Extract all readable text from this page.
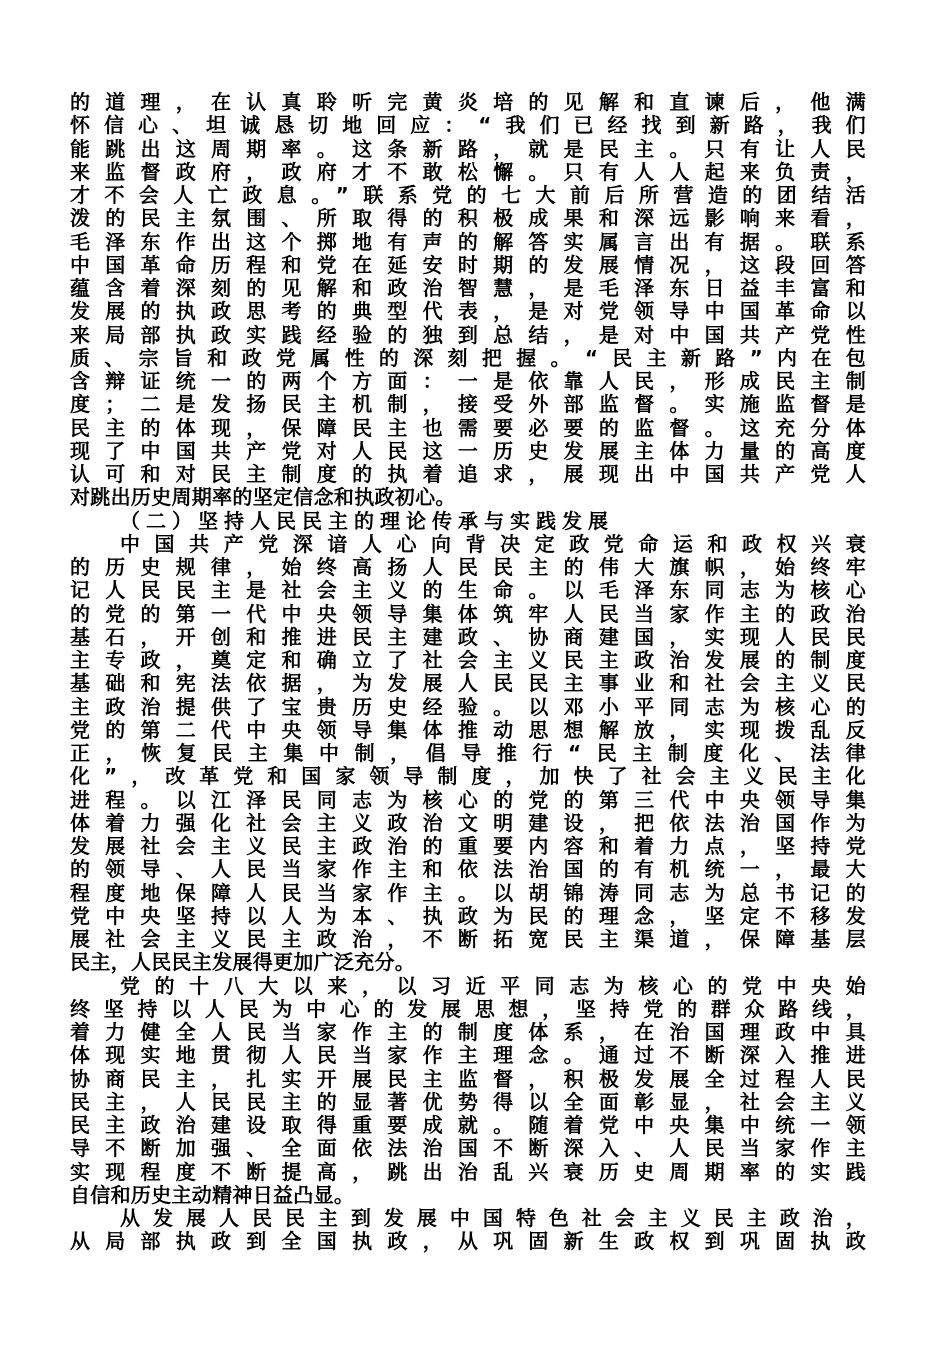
的道理，在认真聆听完黄炎培的见解和直谏后，他满
怀信心、坦诚恳切地回应：“我们已经找到新路，我们
能跳出这周期率。这条新路，就是民主。只有让人民
来监督政府，政府才不敢松懈。只有人人起来负责，
才不会人亡政息。”联系党的七大前后所营造的团结活
泼的民主氛围、所取得的积极成果和深远影响来看，
毛泽东作出这个掷地有声的解答实属言出有据。联系
中国革命历程和党在延安时期的发展情况，这段回答
蕴含着深刻的见解和政治智慧，是毛泽东日益丰富和
发展的执政思考的典型代表，是对党领导中国革命以
来局部执政实践经验的独到总结，是对中国共产党性
质、宗旨和政党属性的深刻把握。“民主新路”内在包
含辩证统一的两个方面：一是依靠人民，形成民主制
度；二是发扬民主机制，接受外部监督。实施监督是
民主的体现，保障民主也需要必要的监督。这充分体
现了中国共产党对人民这一历史发展主体力量的高度
认可和对民主制度的执着追求，展现出中国共产党人
对跳出历史周期率的坚定信念和执政初心。
（二）坚持人民民主的理论传承与实践发展
中国共产党深谙人心向背决定政党命运和政权兴衰
的历史规律，始终高扬人民民主的伟大旗帜，始终牢
记人民民主是社会主义的生命。以毛泽东同志为核心
的党的第一代中央领导集体筑牢人民当家作主的政治
基石，开创和推进民主建政、协商建国，实现人民民
主专政，奠定和确立了社会主义民主政治发展的制度
基础和宪法依据，为发展人民民主事业和社会主义民
主政治提供了宝贵历史经验。以邓小平同志为核心的
党的第二代中央领导集体推动思想解放，实现拨乱反
正，恢复民主集中制，倡导推行“民主制度化、法律
化”，改革党和国家领导制度，加快了社会主义民主化
进程。以江泽民同志为核心的党的第三代中央领导集
体着力强化社会主义政治文明建设，把依法治国作为
发展社会主义民主政治的重要内容和着力点，坚持党
的领导、人民当家作主和依法治国的有机统一，最大
程度地保障人民当家作主。以胡锦涛同志为总书记的
党中央坚持以人为本、执政为民的理念，坚定不移发
展社会主义民主政治，不断拓宽民主渠道，保障基层
民主，人民民主发展得更加广泛充分。
党的十八大以来，以习近平同志为核心的党中央始
终坚持以人民为中心的发展思想，坚持党的群众路线，
着力健全人民当家作主的制度体系，在治国理政中具
体现实地贯彻人民当家作主理念。通过不断深入推进
协商民主，扎实开展民主监督，积极发展全过程人民
民主，人民民主的显著优势得以全面彰显，社会主义
民主政治建设取得重要成就。随着党中央集中统一领
导不断加强、全面依法治国不断深入、人民当家作主
实现程度不断提高，跳出治乱兴衰历史周期率的实践
自信和历史主动精神日益凸显。
从发展人民民主到发展中国特色社会主义民主政治，
从局部执政到全国执政，从巩固新生政权到巩固执政
